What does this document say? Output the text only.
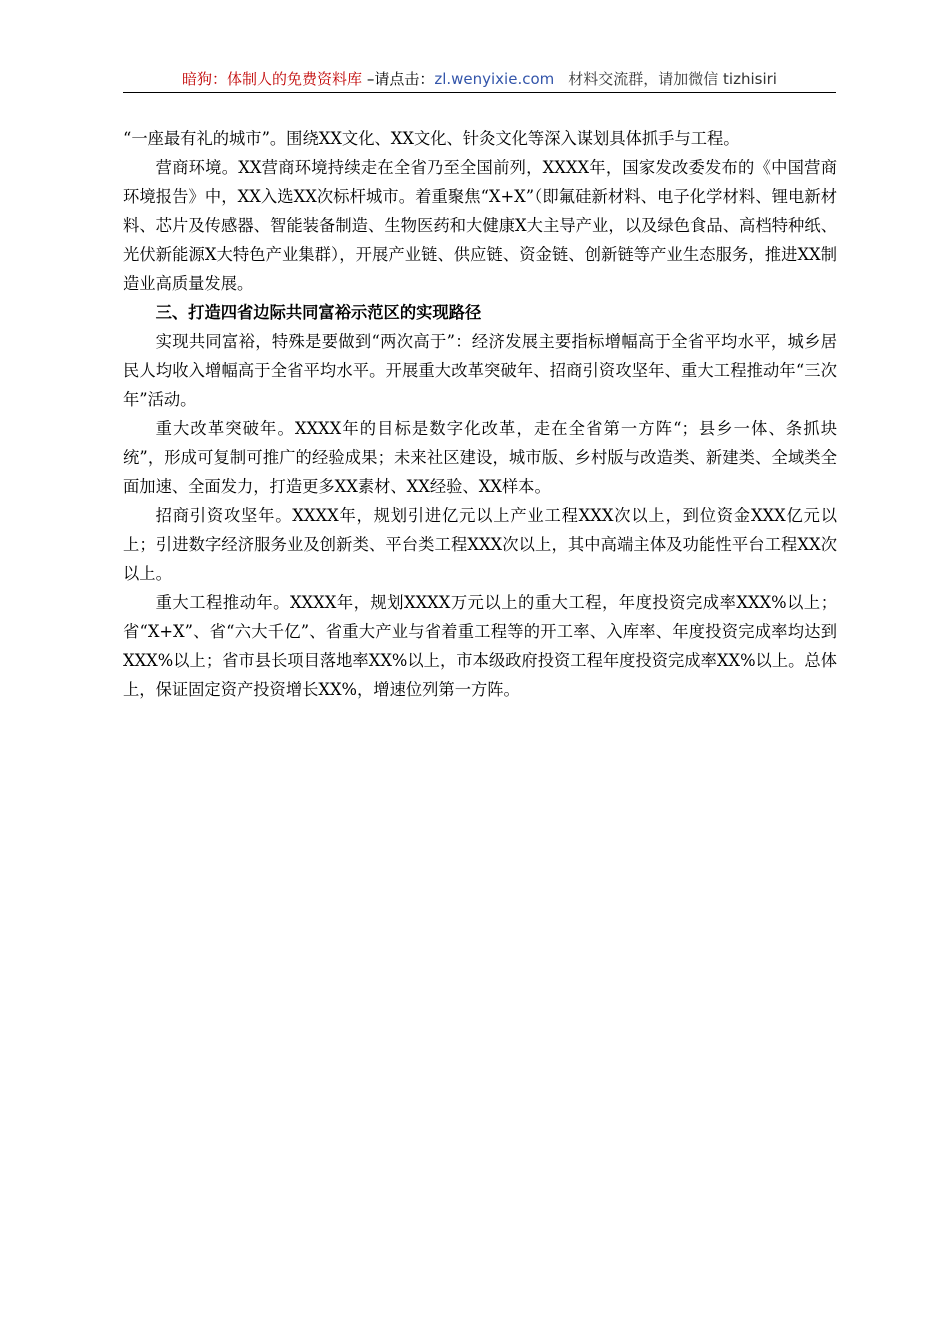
暗狗：体制人的免费资料库 –请点击：zl.wenyixie.com 材料交流群，请加微信 tizhisiri

“一座最有礼的城市”。围绕XX文化、XX文化、针灸文化等深入谋划具体抓手与工程。

营商环境。XX营商环境持续走在全省乃至全国前列，XXXX年，国家发改委发布的《中国营商环境报告》中，XX入选XX次标杆城市。着重聚焦“X+X”（即氟硅新材料、电子化学材料、锂电新材料、芯片及传感器、智能装备制造、生物医药和大健康X大主导产业，以及绿色食品、高档特种纸、光伏新能源X大特色产业集群），开展产业链、供应链、资金链、创新链等产业生态服务，推进XX制造业高质量发展。

三、打造四省边际共同富裕示范区的实现路径

实现共同富裕，特殊是要做到“两次高于”：经济发展主要指标增幅高于全省平均水平，城乡居民人均收入增幅高于全省平均水平。开展重大改革突破年、招商引资攻坚年、重大工程推动年“三次年”活动。

重大改革突破年。XXXX年的目标是数字化改革，走在全省第一方阵“；县乡一体、条抓块统”，形成可复制可推广的经验成果；未来社区建设，城市版、乡村版与改造类、新建类、全域类全面加速、全面发力，打造更多XX素材、XX经验、XX样本。

招商引资攻坚年。XXXX年，规划引进亿元以上产业工程XXX次以上，到位资金XXX亿元以上；引进数字经济服务业及创新类、平台类工程XXX次以上，其中高端主体及功能性平台工程XX次以上。

重大工程推动年。XXXX年，规划XXXX万元以上的重大工程，年度投资完成率XXX%以上；省“X+X”、省“六大千亿”、省重大产业与省着重工程等的开工率、入库率、年度投资完成率均达到XXX%以上；省市县长项目落地率XX%以上，市本级政府投资工程年度投资完成率XX%以上。总体上，保证固定资产投资增长XX%，增速位列第一方阵。
